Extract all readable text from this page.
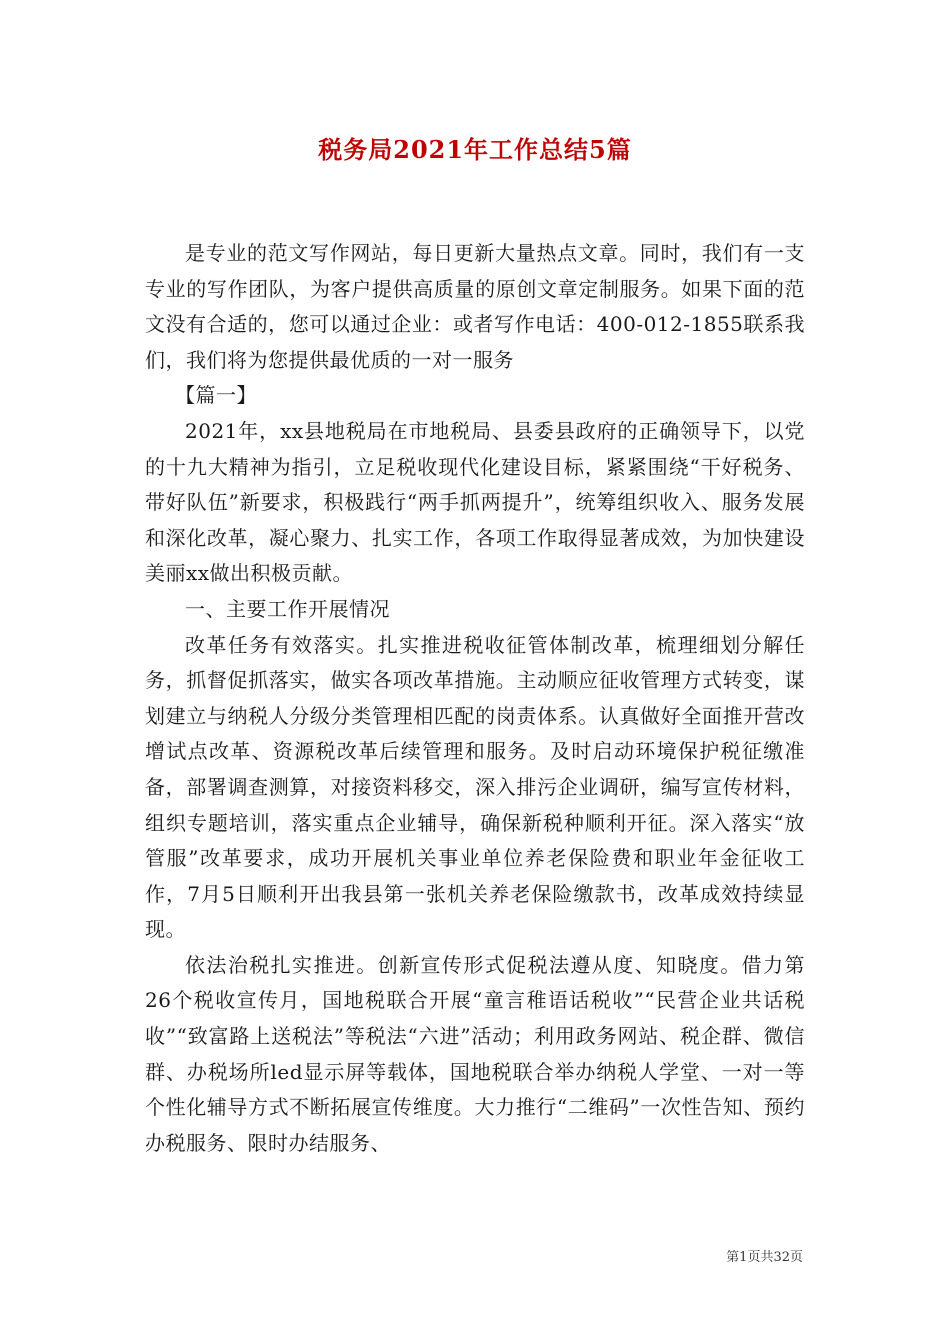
税务局2021年工作总结5篇

是专业的范文写作网站，每日更新大量热点文章。同时，我们有一支专业的写作团队，为客户提供高质量的原创文章定制服务。如果下面的范文没有合适的，您可以通过企业：或者写作电话：400-012-1855联系我们，我们将为您提供最优质的一对一服务

【篇一】

2021年，xx县地税局在市地税局、县委县政府的正确领导下，以党的十九大精神为指引，立足税收现代化建设目标，紧紧围绕“干好税务、带好队伍”新要求，积极践行“两手抓两提升”，统筹组织收入、服务发展和深化改革，凝心聚力、扎实工作，各项工作取得显著成效，为加快建设美丽xx做出积极贡献。

一、主要工作开展情况

改革任务有效落实。扎实推进税收征管体制改革，梳理细划分解任务，抓督促抓落实，做实各项改革措施。主动顺应征收管理方式转变，谋划建立与纳税人分级分类管理相匹配的岗责体系。认真做好全面推开营改增试点改革、资源税改革后续管理和服务。及时启动环境保护税征缴准备，部署调查测算，对接资料移交，深入排污企业调研，编写宣传材料，组织专题培训，落实重点企业辅导，确保新税种顺利开征。深入落实“放管服”改革要求，成功开展机关事业单位养老保险费和职业年金征收工作，7月5日顺利开出我县第一张机关养老保险缴款书，改革成效持续显现。

依法治税扎实推进。创新宣传形式促税法遵从度、知晓度。借力第26个税收宣传月，国地税联合开展“童言稚语话税收”“民营企业共话税收”“致富路上送税法”等税法“六进”活动；利用政务网站、税企群、微信群、办税场所led显示屏等载体，国地税联合举办纳税人学堂、一对一等个性化辅导方式不断拓展宣传维度。大力推行“二维码”一次性告知、预约办税服务、限时办结服务、

第1页共32页
